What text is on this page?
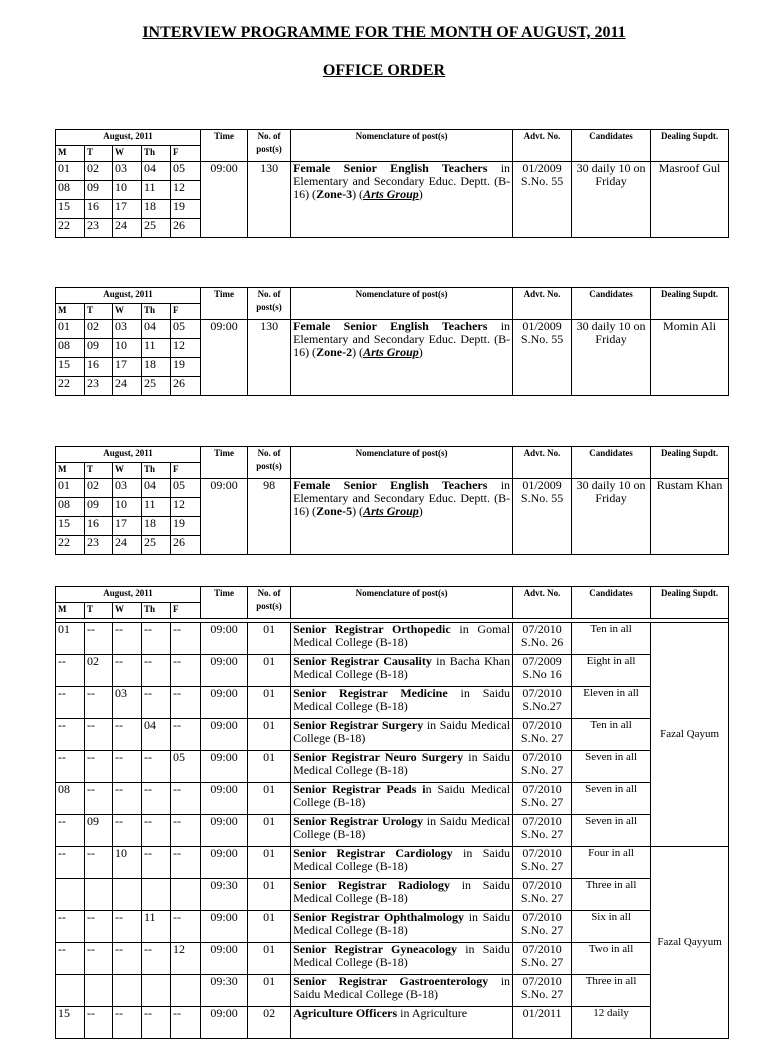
INTERVIEW PROGRAMME FOR THE MONTH OF AUGUST, 2011
OFFICE ORDER
August, 2011					Time	No. of post(s)	Nomenclature of post(s)	Advt. No.	Candidates	Dealing Supdt.
M	T	W	Th	F						
01	02	03	04	05	09:00	130	Female Senior English Teachers in Elementary and Secondary Educ. Deptt. (B-16) (Zone-3) (Arts Group)	01/2009 S.No. 55	30 daily 10 on Friday	Masroof Gul
08	09	10	11	12						
15	16	17	18	19						
22	23	24	25	26						
August, 2011					Time	No. of post(s)	Nomenclature of post(s)	Advt. No.	Candidates	Dealing Supdt.
M	T	W	Th	F						
01	02	03	04	05	09:00	130	Female Senior English Teachers in Elementary and Secondary Educ. Deptt. (B-16) (Zone-2) (Arts Group)	01/2009 S.No. 55	30 daily 10 on Friday	Momin Ali
08	09	10	11	12						
15	16	17	18	19						
22	23	24	25	26						
August, 2011					Time	No. of post(s)	Nomenclature of post(s)	Advt. No.	Candidates	Dealing Supdt.
M	T	W	Th	F						
01	02	03	04	05	09:00	98	Female Senior English Teachers in Elementary and Secondary Educ. Deptt. (B-16) (Zone-5) (Arts Group)	01/2009 S.No. 55	30 daily 10 on Friday	Rustam Khan
08	09	10	11	12						
15	16	17	18	19						
22	23	24	25	26						
August, 2011					Time	No. of post(s)	Nomenclature of post(s)	Advt. No.	Candidates	Dealing Supdt.
M	T	W	Th	F						

01	--	--	--	--	09:00	01	Senior Registrar Orthopedic in Gomal Medical College (B-18)	07/2010 S.No. 26	Ten in all	Fazal Qayum
--	02	--	--	--	09:00	01	Senior Registrar Causality in Bacha Khan Medical College (B-18)	07/2009 S.No 16	Eight in all	
--	--	03	--	--	09:00	01	Senior Registrar Medicine in Saidu Medical College (B-18)	07/2010 S.No.27	Eleven in all	
--	--	--	04	--	09:00	01	Senior Registrar Surgery in Saidu Medical College (B-18)	07/2010 S.No. 27	Ten in all	
--	--	--	--	05	09:00	01	Senior Registrar Neuro Surgery in Saidu Medical College (B-18)	07/2010 S.No. 27	Seven in all	
08	--	--	--	--	09:00	01	Senior Registrar Peads in Saidu Medical College (B-18)	07/2010 S.No. 27	Seven in all	
--	09	--	--	--	09:00	01	Senior Registrar Urology in Saidu Medical College (B-18)	07/2010 S.No. 27	Seven in all	
--	--	10	--	--	09:00	01	Senior Registrar Cardiology in Saidu Medical College (B-18)	07/2010 S.No. 27	Four in all	Fazal Qayyum
					09:30	01	Senior Registrar Radiology in Saidu Medical College (B-18)	07/2010 S.No. 27	Three in all	
--	--	--	11	--	09:00	01	Senior Registrar Ophthalmology in Saidu Medical College (B-18)	07/2010 S.No. 27	Six in all	
--	--	--	--	12	09:00	01	Senior Registrar Gyneacology in Saidu Medical College (B-18)	07/2010 S.No. 27	Two in all	
					09:30	01	Senior Registrar Gastroenterology in Saidu Medical College (B-18)	07/2010 S.No. 27	Three in all	
15	--	--	--	--	09:00	02	Agriculture Officers in Agriculture	01/2011	12 daily	
